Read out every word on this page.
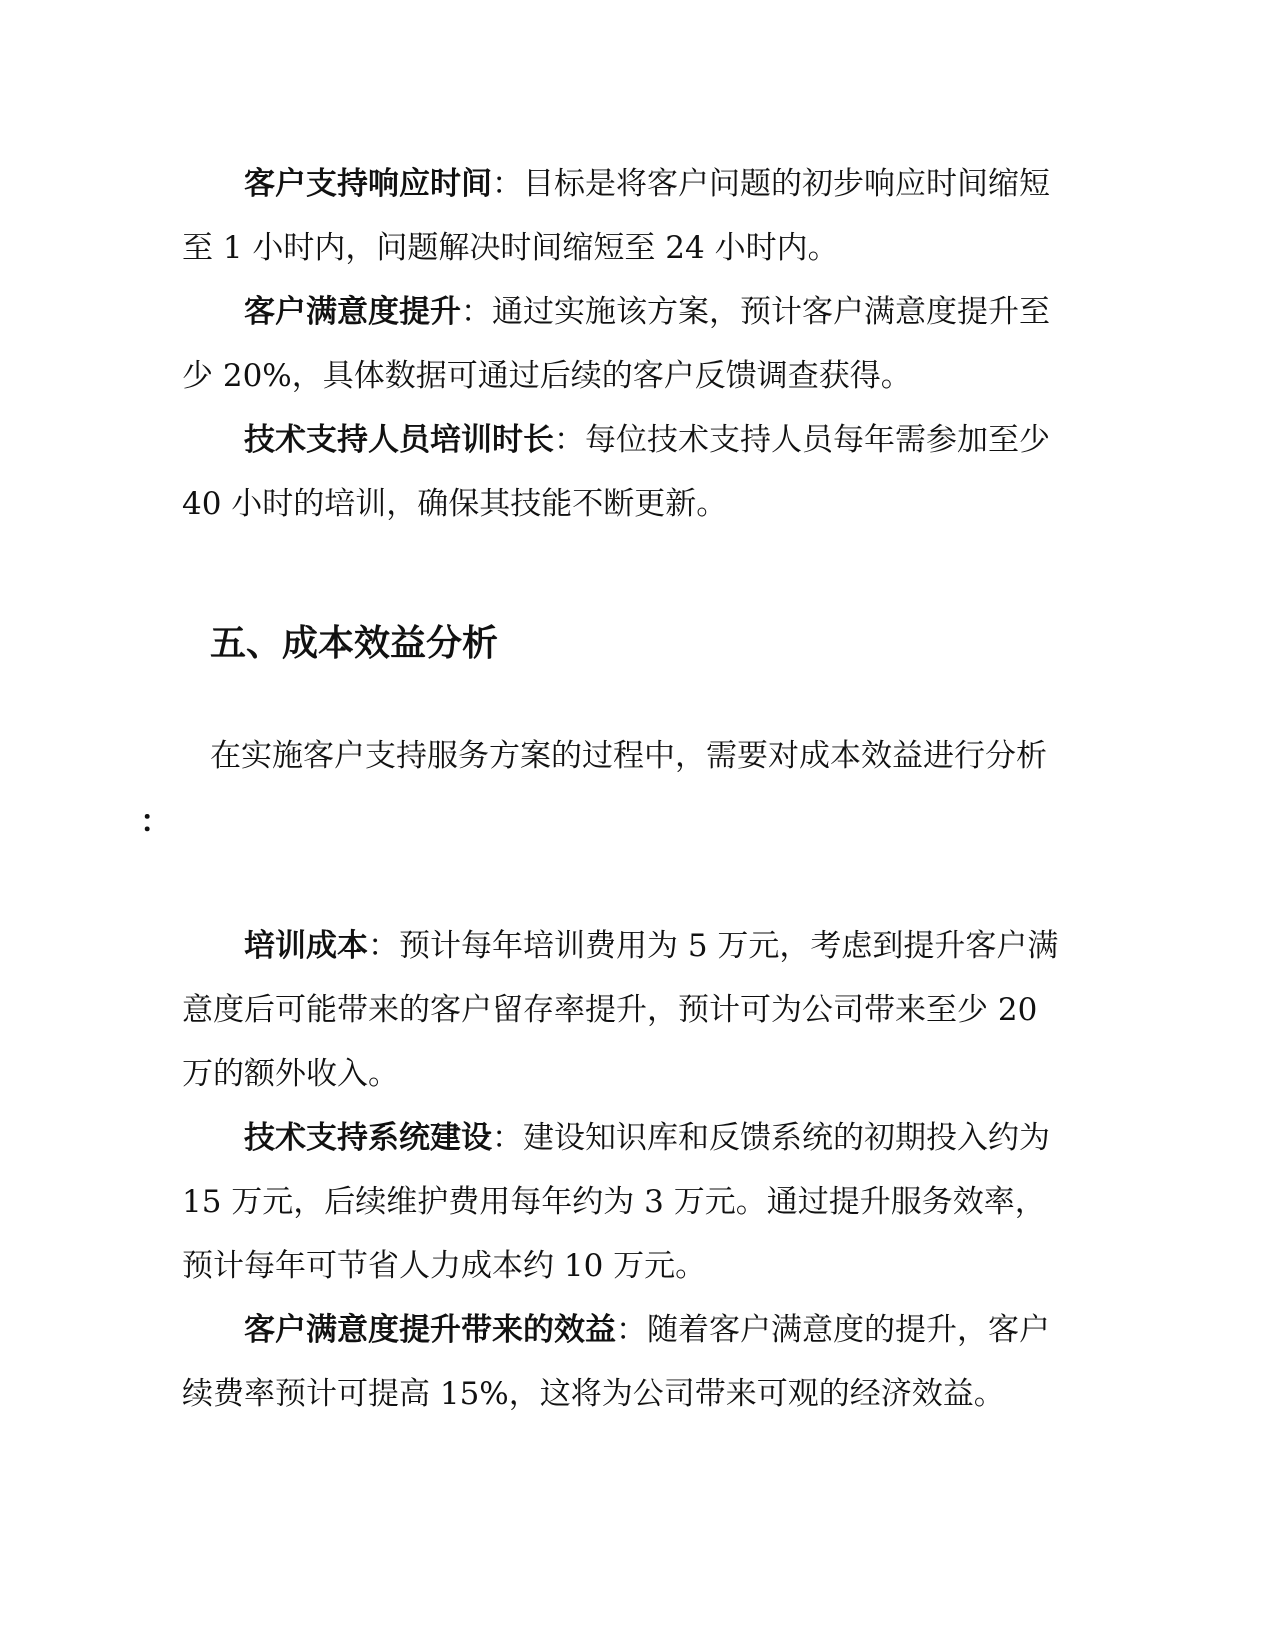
客户支持响应时间：目标是将客户问题的初步响应时间缩短至 1 小时内，问题解决时间缩短至 24 小时内。

客户满意度提升：通过实施该方案，预计客户满意度提升至少 20%，具体数据可通过后续的客户反馈调查获得。

技术支持人员培训时长：每位技术支持人员每年需参加至少 40 小时的培训，确保其技能不断更新。

五、成本效益分析

在实施客户支持服务方案的过程中，需要对成本效益进行分析

：

培训成本：预计每年培训费用为 5 万元，考虑到提升客户满意度后可能带来的客户留存率提升，预计可为公司带来至少 20 万的额外收入。

技术支持系统建设：建设知识库和反馈系统的初期投入约为 15 万元，后续维护费用每年约为 3 万元。通过提升服务效率，预计每年可节省人力成本约 10 万元。

客户满意度提升带来的效益：随着客户满意度的提升，客户续费率预计可提高 15%，这将为公司带来可观的经济效益。
